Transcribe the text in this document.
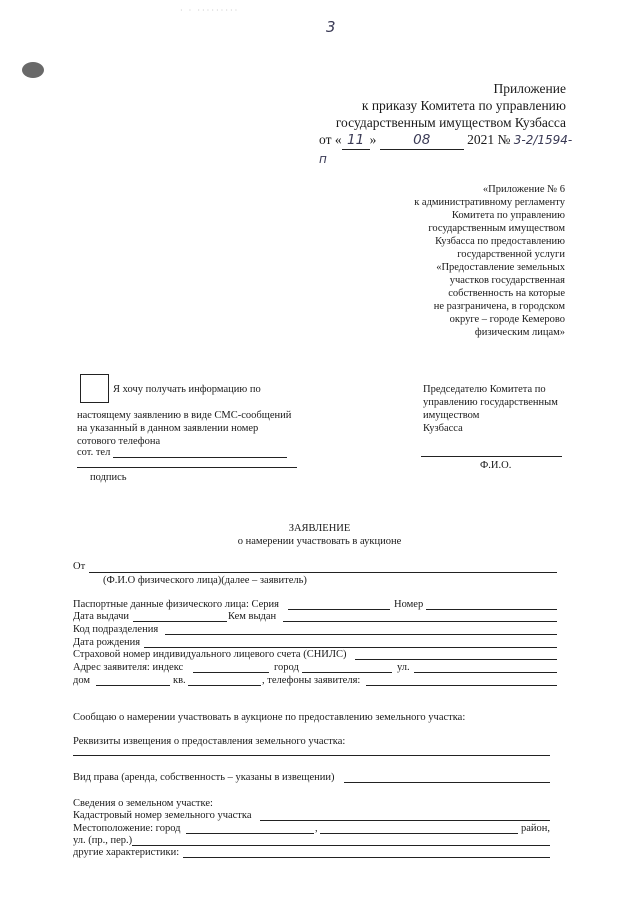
· · ·········
3
Приложение
к приказу Комитета по управлению
государственным имуществом Кузбасса
от « 11 »	08	2021 № 3-2/1594-п
«Приложение № 6
к административному регламенту
Комитета по управлению
государственным имуществом
Кузбасса по предоставлению
государственной услуги
«Предоставление земельных
участков государственная
собственность на которые
не разграничена, в городском
округе – городе Кемерово
физическим лицам»
Я хочу получать информацию по
настоящему заявлению в виде СМС-сообщений
на указанный в данном заявлении номер
сотового телефона
сот. тел
подпись
Председателю Комитета по
управлению государственным
имуществом
Кузбасса
Ф.И.О.
ЗАЯВЛЕНИЕ
о намерении участвовать в аукционе
От
(Ф.И.О физического лица)(далее – заявитель)
Паспортные данные физического лица: Серия	Номер
Дата выдачи	Кем выдан
Код подразделения
Дата рождения
Страховой номер индивидуального лицевого счета (СНИЛС)
Адрес заявителя: индекс	город	ул.
дом	кв.	, телефоны заявителя:
Сообщаю о намерении участвовать в аукционе по предоставлению земельного участка:
Реквизиты извещения о предоставления земельного участка:
Вид права (аренда, собственность – указаны в извещении)
Сведения о земельном участке:
Кадастровый номер земельного участка
Местоположение: город	,	район,
ул. (пр., пер.)
другие характеристики:
